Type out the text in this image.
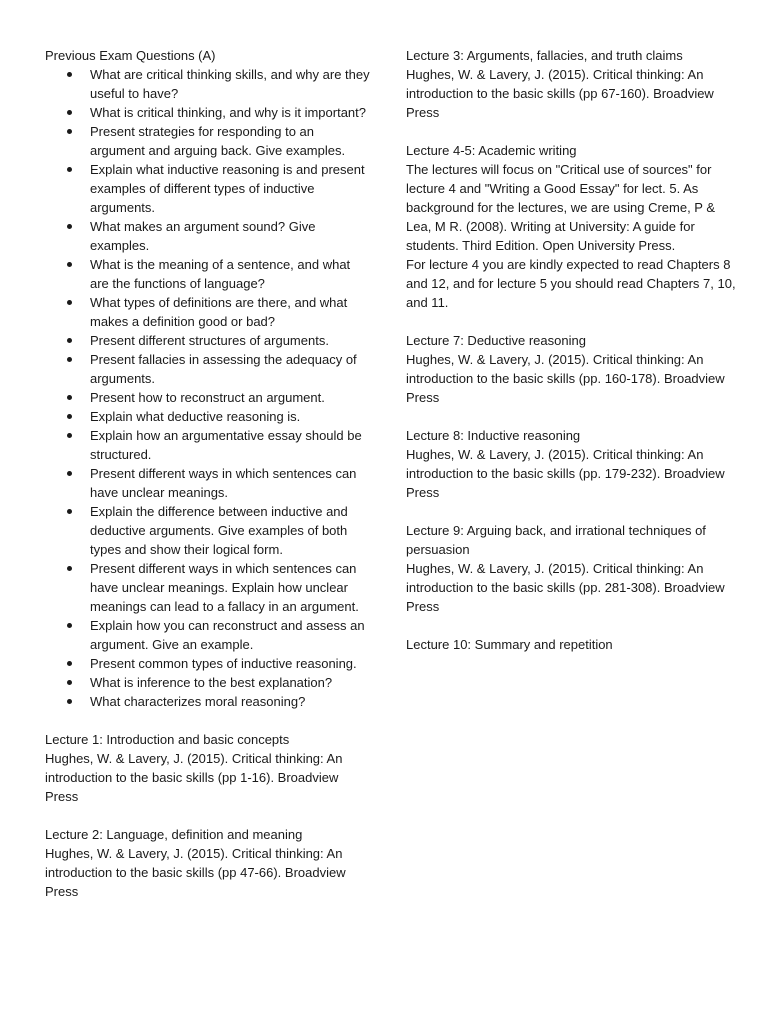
Previous Exam Questions (A)

What are critical thinking skills, and why are they useful to have?
What is critical thinking, and why is it important?
Present strategies for responding to an argument and arguing back. Give examples.
Explain what inductive reasoning is and present examples of different types of inductive arguments.
What makes an argument sound? Give examples.
What is the meaning of a sentence, and what are the functions of language?
What types of definitions are there, and what makes a definition good or bad?
Present different structures of arguments.
Present fallacies in assessing the adequacy of arguments.
Present how to reconstruct an argument.
Explain what deductive reasoning is.
Explain how an argumentative essay should be structured.
Present different ways in which sentences can have unclear meanings.
Explain the difference between inductive and deductive arguments. Give examples of both types and show their logical form.
Present different ways in which sentences can have unclear meanings. Explain how unclear meanings can lead to a fallacy in an argument.
Explain how you can reconstruct and assess an argument. Give an example.
Present common types of inductive reasoning.
What is inference to the best explanation?
What characterizes moral reasoning?
Lecture 1: Introduction and basic concepts
Hughes, W. & Lavery, J. (2015). Critical thinking: An introduction to the basic skills (pp 1-16). Broadview Press
Lecture 2: Language, definition and meaning
Hughes, W. & Lavery, J. (2015). Critical thinking: An introduction to the basic skills (pp 47-66). Broadview Press
Lecture 3: Arguments, fallacies, and truth claims
Hughes, W. & Lavery, J. (2015). Critical thinking: An introduction to the basic skills (pp 67-160). Broadview Press
Lecture 4-5: Academic writing
The lectures will focus on "Critical use of sources" for lecture 4 and "Writing a Good Essay" for lect. 5. As background for the lectures, we are using Creme, P & Lea, M R. (2008). Writing at University: A guide for students. Third Edition. Open University Press.
For lecture 4 you are kindly expected to read Chapters 8 and 12, and for lecture 5 you should read Chapters 7, 10, and 11.
Lecture 7: Deductive reasoning
Hughes, W. & Lavery, J. (2015). Critical thinking: An introduction to the basic skills (pp. 160-178). Broadview Press
Lecture 8: Inductive reasoning
Hughes, W. & Lavery, J. (2015). Critical thinking: An introduction to the basic skills (pp. 179-232). Broadview Press
Lecture 9: Arguing back, and irrational techniques of persuasion
Hughes, W. & Lavery, J. (2015). Critical thinking: An introduction to the basic skills (pp. 281-308). Broadview Press
Lecture 10: Summary and repetition
